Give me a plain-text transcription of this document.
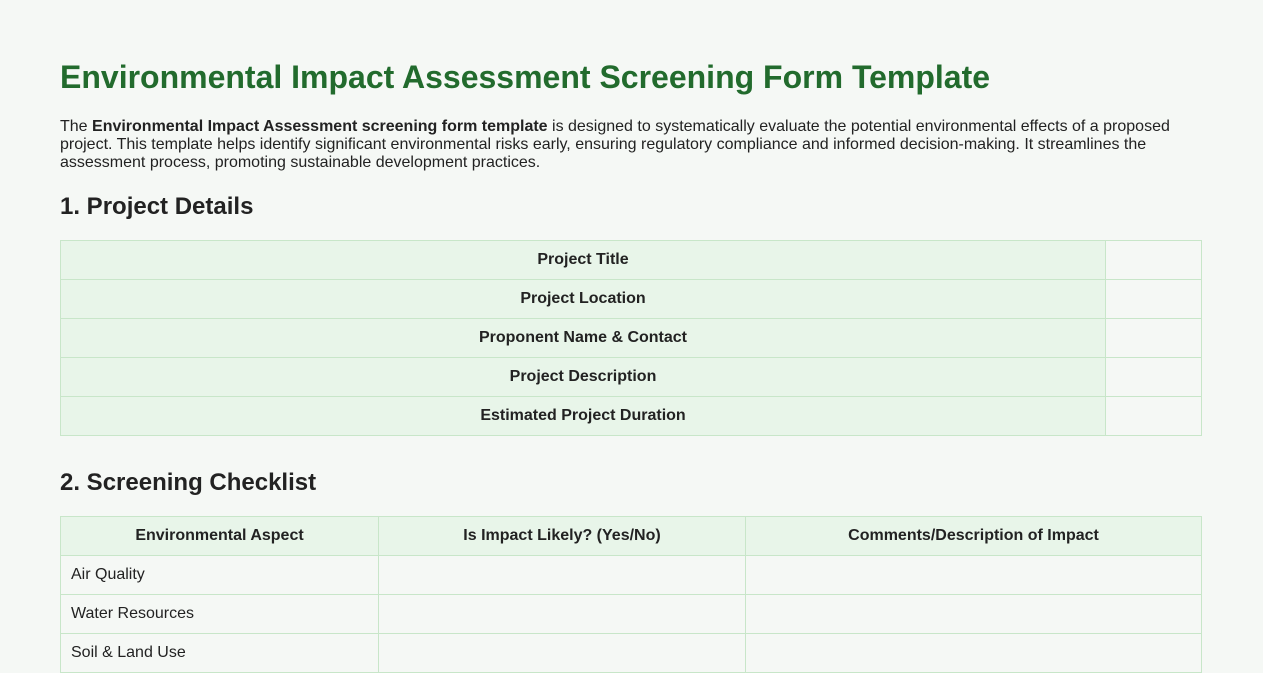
Environmental Impact Assessment Screening Form Template

The Environmental Impact Assessment screening form template is designed to systematically evaluate the potential environmental effects of a proposed project. This template helps identify significant environmental risks early, ensuring regulatory compliance and informed decision-making. It streamlines the assessment process, promoting sustainable development practices.

1. Project Details
Project Title	
Project Location	
Proponent Name & Contact	
Project Description	
Estimated Project Duration	
2. Screening Checklist
Environmental Aspect	Is Impact Likely? (Yes/No)	Comments/Description of Impact
Air Quality		
Water Resources		
Soil & Land Use		
